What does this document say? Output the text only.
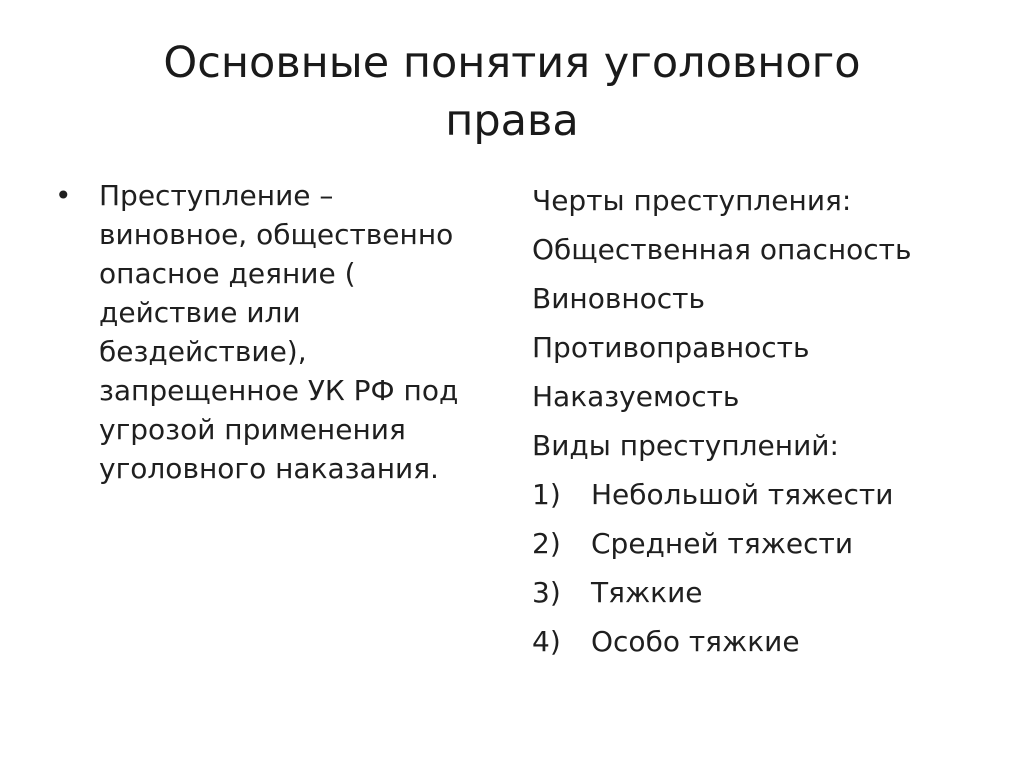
Основные понятия уголовного
права
• Преступление –
виновное, общественно
опасное деяние (
действие или
бездействие),
запрещенное УК РФ под
угрозой применения
уголовного наказания.

Черты преступления:

Общественная опасность

Виновность

Противоправность

Наказуемость

Виды преступлений:

1) Небольшой тяжести
2) Средней тяжести
3) Тяжкие
4) Особо тяжкие
